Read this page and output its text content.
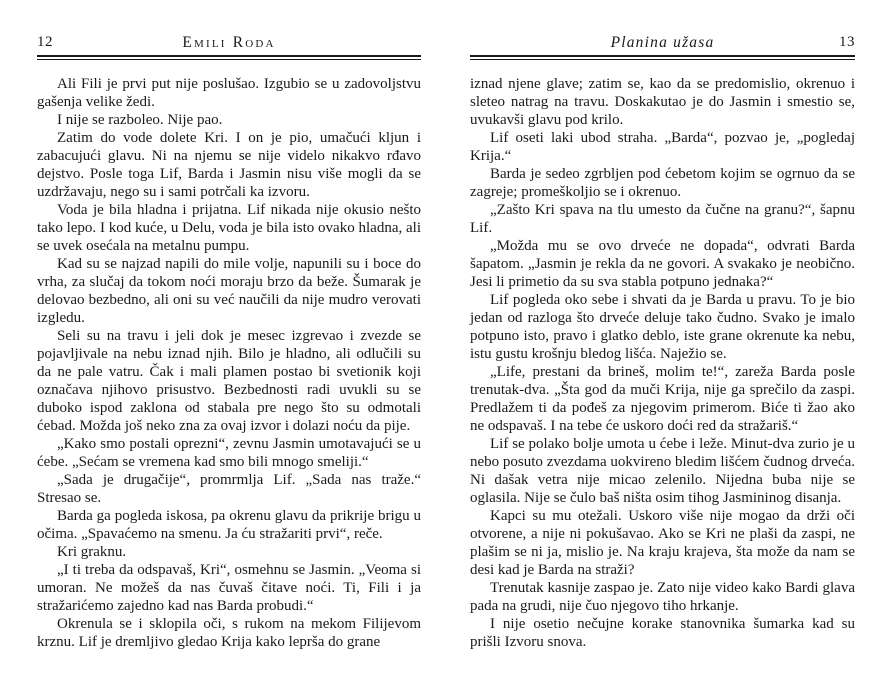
12	Emili Roda

Ali Fili je prvi put nije poslušao. Izgubio se u zadovoljstvu gašenja velike žedi.

I nije se razboleo. Nije pao.

Zatim do vode dolete Kri. I on je pio, umačući kljun i zabacujući glavu. Ni na njemu se nije videlo nikakvo rđavo dejstvo. Posle toga Lif, Barda i Jasmin nisu više mogli da se uzdržavaju, nego su i sami potrčali ka izvoru.

Voda je bila hladna i prijatna. Lif nikada nije okusio nešto tako lepo. I kod kuće, u Delu, voda je bila isto ovako hladna, ali se uvek osećala na metalnu pumpu.

Kad su se najzad napili do mile volje, napunili su i boce do vrha, za slučaj da tokom noći moraju brzo da beže. Šumarak je delovao bezbedno, ali oni su već naučili da nije mudro verovati izgledu.

Seli su na travu i jeli dok je mesec izgrevao i zvezde se pojavljivale na nebu iznad njih. Bilo je hladno, ali odlučili su da ne pale vatru. Čak i mali plamen postao bi svetionik koji označava njihovo prisustvo. Bezbednosti radi uvukli su se duboko ispod zaklona od stabala pre nego što su odmotali ćebad. Možda još neko zna za ovaj izvor i dolazi noću da pije.

„Kako smo postali oprezni“, zevnu Jasmin umotavajući se u ćebe. „Sećam se vremena kad smo bili mnogo smeliji.“

„Sada je drugačije“, promrmlja Lif. „Sada nas traže.“ Stresao se.

Barda ga pogleda iskosa, pa okrenu glavu da prikrije brigu u očima. „Spavaćemo na smenu. Ja ću stražariti prvi“, reče.

Kri graknu.

„I ti treba da odspavaš, Kri“, osmehnu se Jasmin. „Veoma si umoran. Ne možeš da nas čuvaš čitave noći. Ti, Fili i ja stražarićemo zajedno kad nas Barda probudi.“

Okrenula se i sklopila oči, s rukom na mekom Filijevom krznu. Lif je dremljivo gledao Krija kako leprša do grane

Planina užasa	13

iznad njene glave; zatim se, kao da se predomislio, okrenuo i sleteo natrag na travu. Doskakutao je do Jasmin i smestio se, uvukavši glavu pod krilo.

Lif oseti laki ubod straha. „Barda“, pozvao je, „pogledaj Krija.“

Barda je sedeo zgrbljen pod ćebetom kojim se ogrnuo da se zagreje; promeškoljio se i okrenuo.

„Zašto Kri spava na tlu umesto da čučne na granu?“, šapnu Lif.

„Možda mu se ovo drveće ne dopada“, odvrati Barda šapatom. „Jasmin je rekla da ne govori. A svakako je neobično. Jesi li primetio da su sva stabla potpuno jednaka?“

Lif pogleda oko sebe i shvati da je Barda u pravu. To je bio jedan od razloga što drveće deluje tako čudno. Svako je imalo potpuno isto, pravo i glatko deblo, iste grane okrenute ka nebu, istu gustu krošnju bledog lišća. Naježio se.

„Life, prestani da brineš, molim te!“, zareža Barda posle trenutak-dva. „Šta god da muči Krija, nije ga sprečilo da zaspi. Predlažem ti da pođeš za njegovim primerom. Biće ti žao ako ne odspavaš. I na tebe će uskoro doći red da stražariš.“

Lif se polako bolje umota u ćebe i leže. Minut-dva zurio je u nebo posuto zvezdama uokvireno bledim lišćem čudnog drveća. Ni dašak vetra nije micao zelenilo. Nijedna buba nije se oglasila. Nije se čulo baš ništa osim tihog Jasmininog disanja.

Kapci su mu otežali. Uskoro više nije mogao da drži oči otvorene, a nije ni pokušavao. Ako se Kri ne plaši da zaspi, ne plašim se ni ja, mislio je. Na kraju krajeva, šta može da nam se desi kad je Barda na straži?

Trenutak kasnije zaspao je. Zato nije video kako Bardi glava pada na grudi, nije čuo njegovo tiho hrkanje.

I nije osetio nečujne korake stanovnika šumarka kad su prišli Izvoru snova.
